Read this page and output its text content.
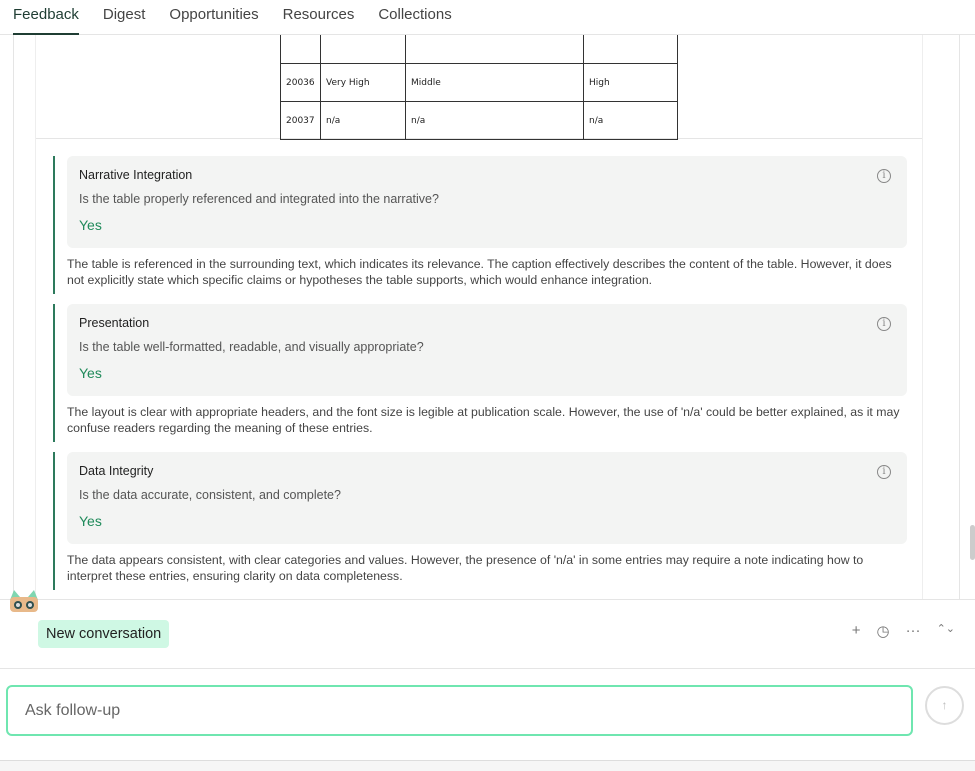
Feedback Digest Opportunities Resources Collections

20036	Very High	Middle	High
20037	n/a	n/a	n/a
Narrative Integration
Is the table properly referenced and integrated into the narrative?
Yes
i
The table is referenced in the surrounding text, which indicates its relevance. The caption effectively describes the content of the table. However, it does not explicitly state which specific claims or hypotheses the table supports, which would enhance integration.
Presentation
Is the table well-formatted, readable, and visually appropriate?
Yes
i
The layout is clear with appropriate headers, and the font size is legible at publication scale. However, the use of 'n/a' could be better explained, as it may confuse readers regarding the meaning of these entries.
Data Integrity
Is the data accurate, consistent, and complete?
Yes
i
The data appears consistent, with clear categories and values. However, the presence of 'n/a' in some entries may require a note indicating how to interpret these entries, ensuring clarity on data completeness.
New conversation	+ ◷ ··· ⌃⌄
Ask follow-up	↑
